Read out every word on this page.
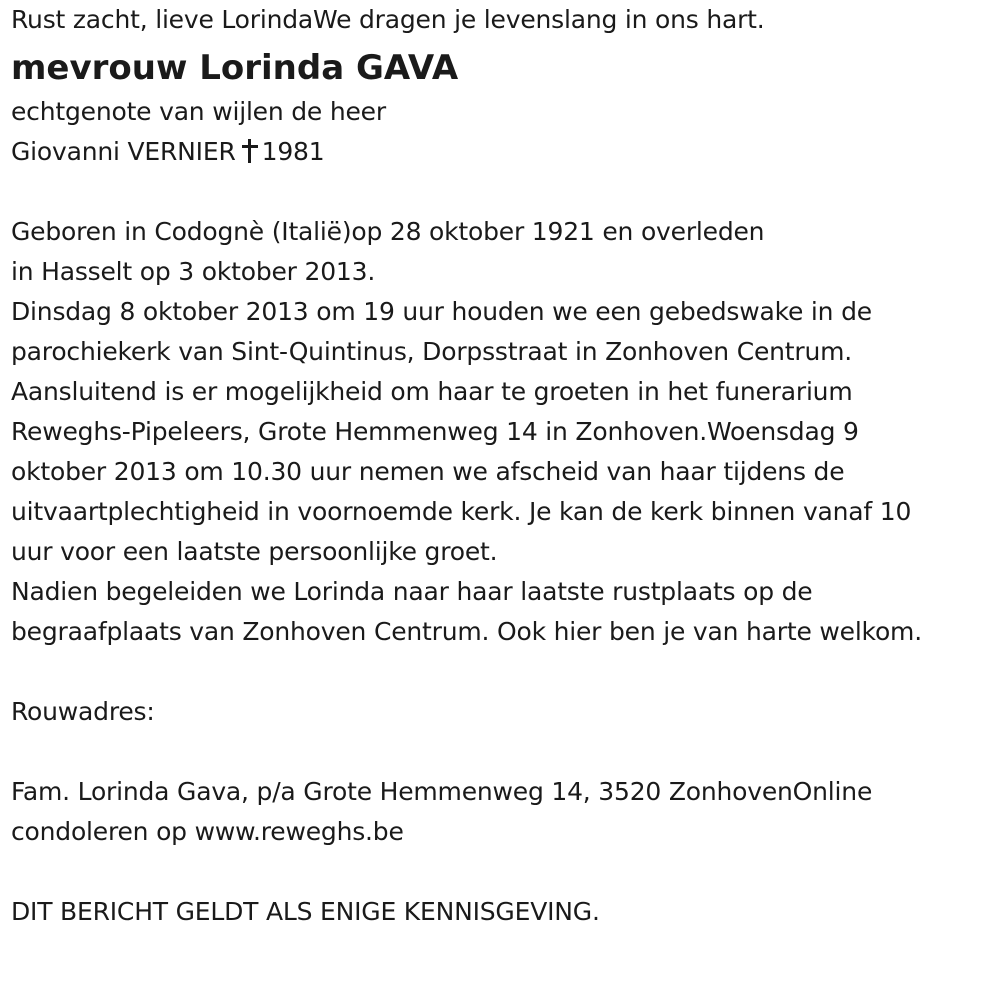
Rust zacht, lieve LorindaWe dragen je levenslang in ons hart.
mevrouw Lorinda GAVA
echtgenote van wijlen de heer
Giovanni VERNIER 1981
Geboren in Codognè (Italië)op 28 oktober 1921 en overleden
in Hasselt op 3 oktober 2013.
Dinsdag 8 oktober 2013 om 19 uur houden we een gebedswake in de
parochiekerk van Sint-Quintinus, Dorpsstraat in Zonhoven Centrum.
Aansluitend is er mogelijkheid om haar te groeten in het funerarium
Reweghs-Pipeleers, Grote Hemmenweg 14 in Zonhoven.Woensdag 9
oktober 2013 om 10.30 uur nemen we afscheid van haar tijdens de
uitvaartplechtigheid in voornoemde kerk. Je kan de kerk binnen vanaf 10
uur voor een laatste persoonlijke groet.
Nadien begeleiden we Lorinda naar haar laatste rustplaats op de
begraafplaats van Zonhoven Centrum. Ook hier ben je van harte welkom.
Rouwadres:
Fam. Lorinda Gava, p/a Grote Hemmenweg 14, 3520 ZonhovenOnline
condoleren op www.reweghs.be
DIT BERICHT GELDT ALS ENIGE KENNISGEVING.
